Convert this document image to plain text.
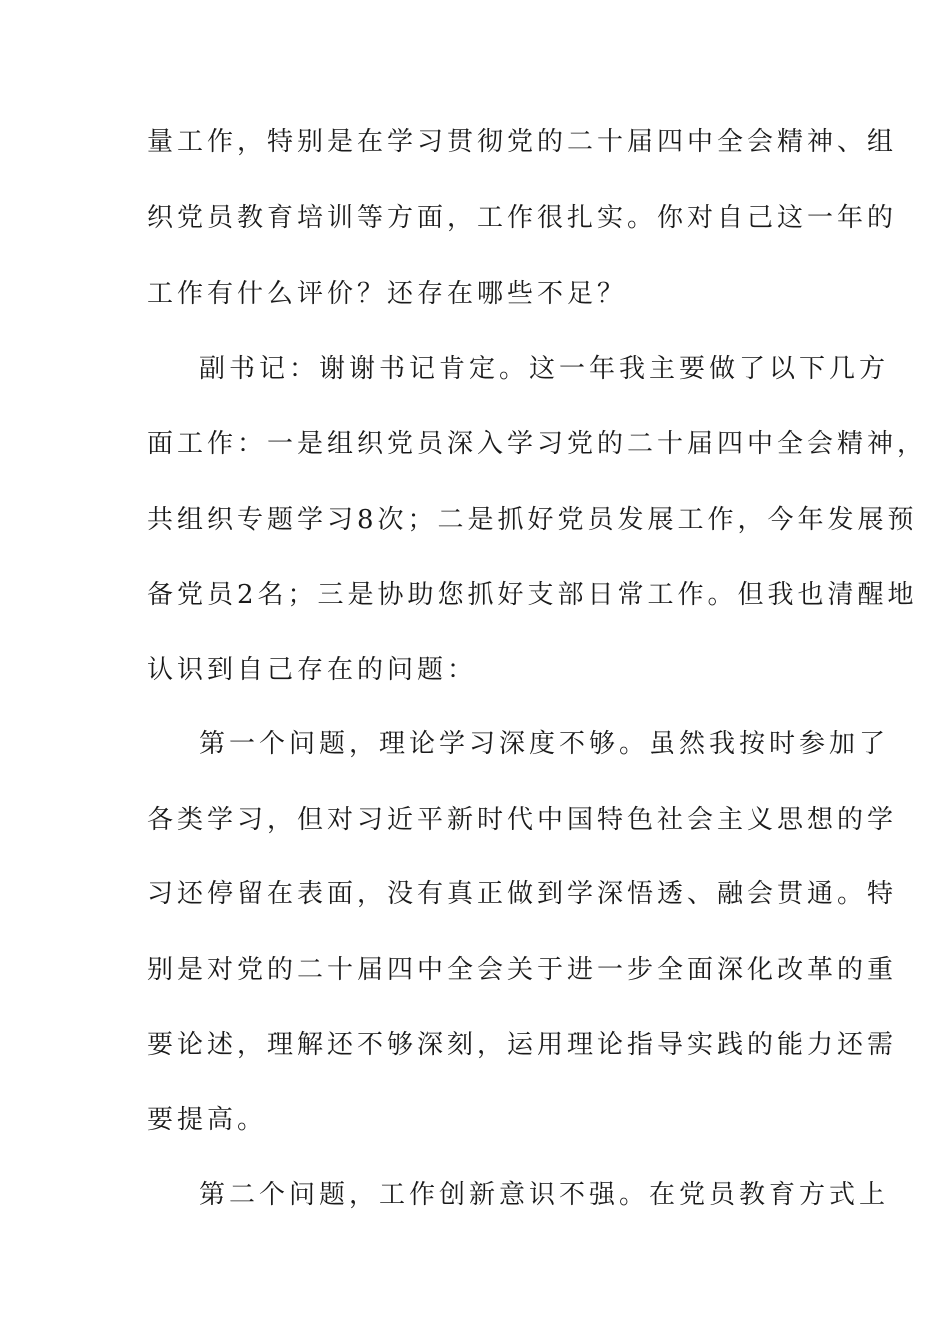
量工作，特别是在学习贯彻党的二十届四中全会精神、组
织党员教育培训等方面，工作很扎实。你对自己这一年的
工作有什么评价？还存在哪些不足？
副书记：谢谢书记肯定。这一年我主要做了以下几方
面工作：一是组织党员深入学习党的二十届四中全会精神，
共组织专题学习8次；二是抓好党员发展工作，今年发展预
备党员2名；三是协助您抓好支部日常工作。但我也清醒地
认识到自己存在的问题：
第一个问题，理论学习深度不够。虽然我按时参加了
各类学习，但对习近平新时代中国特色社会主义思想的学
习还停留在表面，没有真正做到学深悟透、融会贯通。特
别是对党的二十届四中全会关于进一步全面深化改革的重
要论述，理解还不够深刻，运用理论指导实践的能力还需
要提高。
第二个问题，工作创新意识不强。在党员教育方式上
